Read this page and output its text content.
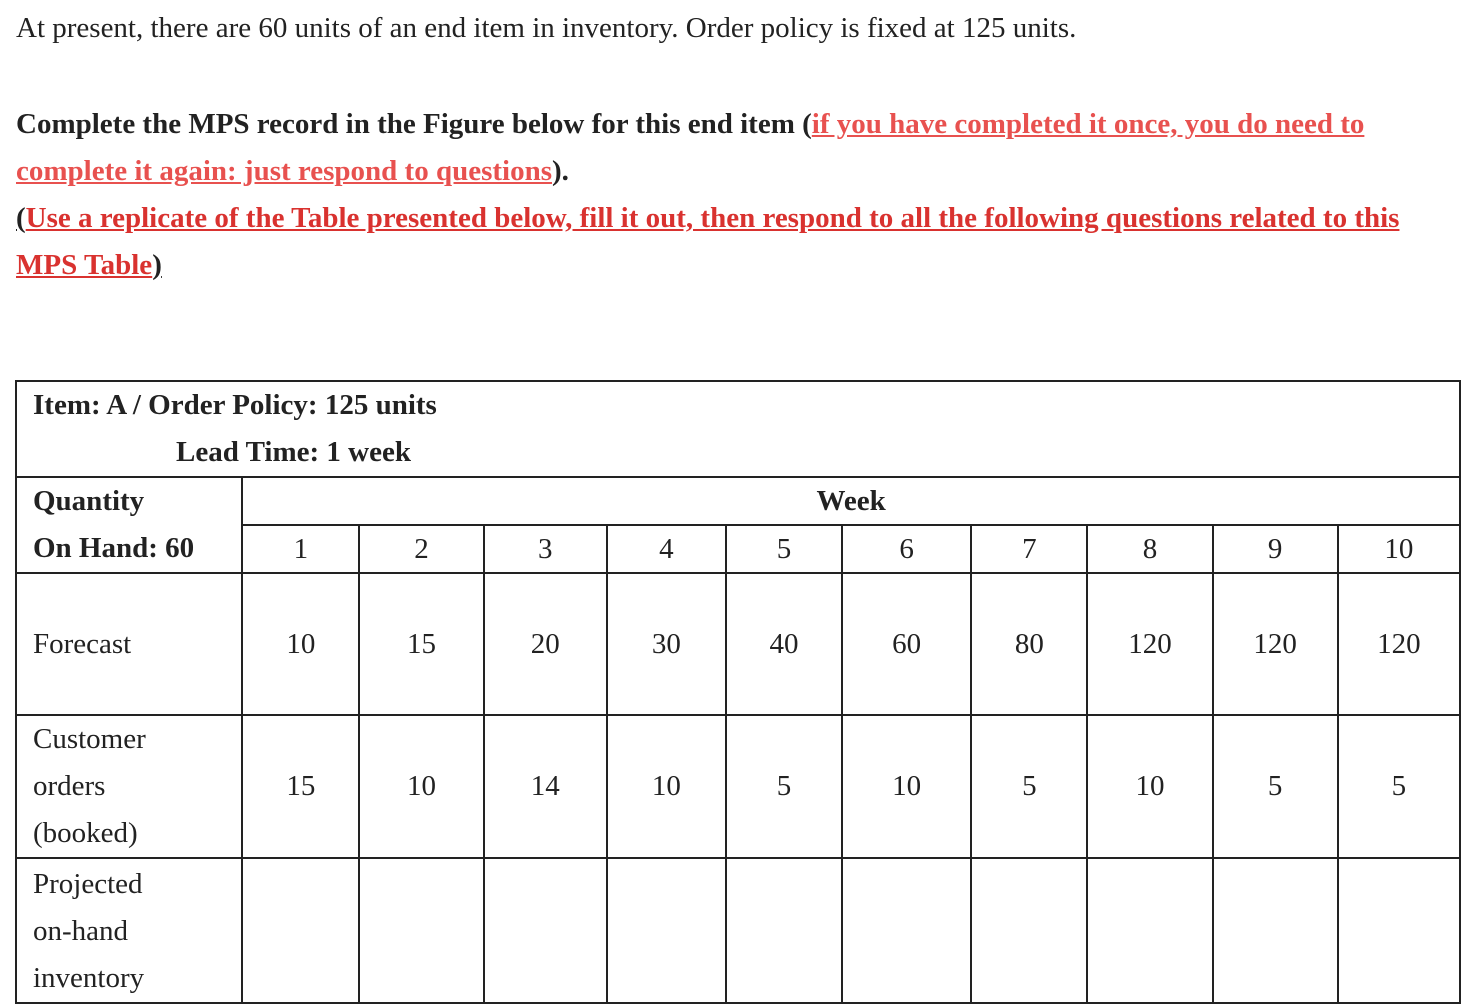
At present, there are 60 units of an end item in inventory. Order policy is fixed at 125 units.
Complete the MPS record in the Figure below for this end item (if you have completed it once, you do need to complete it again: just respond to questions).
(Use a replicate of the Table presented below, fill it out, then respond to all the following questions related to this MPS Table)
Item: A / Order Policy: 125 units
Lead Time: 1 week										

Quantity
On Hand: 60	Week									
	1	2	3	4	5	6	7	8	9	10
Forecast	10	15	20	30	40	60	80	120	120	120

Customer
orders
(booked)	15	10	14	10	5	10	5	10	5	5

Projected
on-hand
inventory										
